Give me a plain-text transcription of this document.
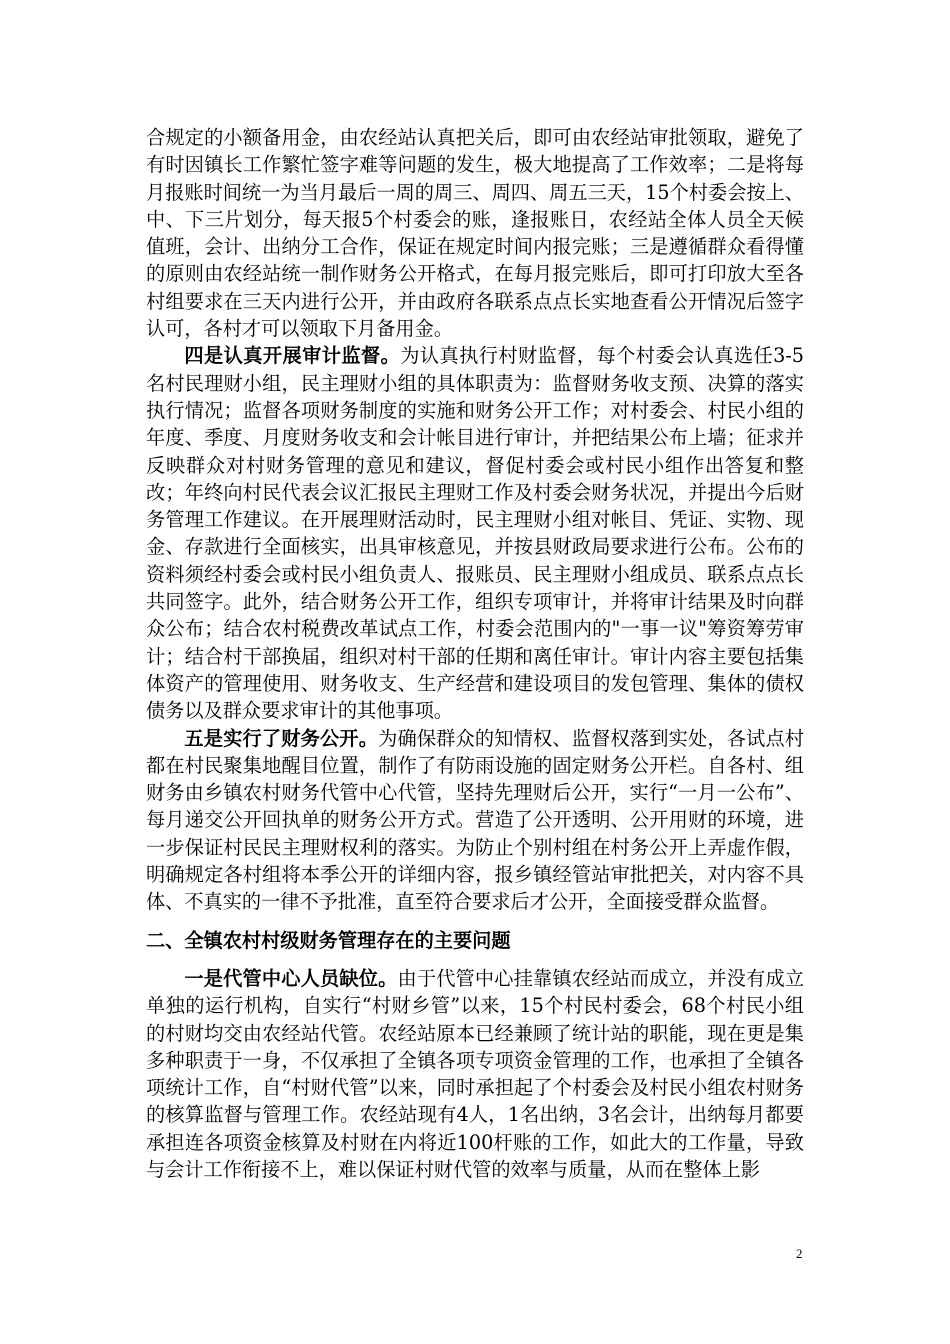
合规定的小额备用金，由农经站认真把关后，即可由农经站审批领取，避免了有时因镇长工作繁忙签字难等问题的发生，极大地提高了工作效率；二是将每月报账时间统一为当月最后一周的周三、周四、周五三天，15个村委会按上、中、下三片划分，每天报5个村委会的账，逢报账日，农经站全体人员全天候值班，会计、出纳分工合作，保证在规定时间内报完账；三是遵循群众看得懂的原则由农经站统一制作财务公开格式，在每月报完账后，即可打印放大至各村组要求在三天内进行公开，并由政府各联系点点长实地查看公开情况后签字认可，各村才可以领取下月备用金。

四是认真开展审计监督。为认真执行村财监督，每个村委会认真选任3-5名村民理财小组，民主理财小组的具体职责为：监督财务收支预、决算的落实执行情况；监督各项财务制度的实施和财务公开工作；对村委会、村民小组的年度、季度、月度财务收支和会计帐目进行审计，并把结果公布上墙；征求并反映群众对村财务管理的意见和建议，督促村委会或村民小组作出答复和整改；年终向村民代表会议汇报民主理财工作及村委会财务状况，并提出今后财务管理工作建议。在开展理财活动时，民主理财小组对帐目、凭证、实物、现金、存款进行全面核实，出具审核意见，并按县财政局要求进行公布。公布的资料须经村委会或村民小组负责人、报账员、民主理财小组成员、联系点点长共同签字。此外，结合财务公开工作，组织专项审计，并将审计结果及时向群众公布；结合农村税费改革试点工作，村委会范围内的"一事一议"筹资筹劳审计；结合村干部换届，组织对村干部的任期和离任审计。审计内容主要包括集体资产的管理使用、财务收支、生产经营和建设项目的发包管理、集体的债权债务以及群众要求审计的其他事项。

五是实行了财务公开。为确保群众的知情权、监督权落到实处，各试点村都在村民聚集地醒目位置，制作了有防雨设施的固定财务公开栏。自各村、组财务由乡镇农村财务代管中心代管，坚持先理财后公开，实行“一月一公布”、每月递交公开回执单的财务公开方式。营造了公开透明、公开用财的环境，进一步保证村民民主理财权利的落实。为防止个别村组在村务公开上弄虚作假，明确规定各村组将本季公开的详细内容，报乡镇经管站审批把关，对内容不具体、不真实的一律不予批准，直至符合要求后才公开，全面接受群众监督。

二、全镇农村村级财务管理存在的主要问题

一是代管中心人员缺位。由于代管中心挂靠镇农经站而成立，并没有成立单独的运行机构，自实行“村财乡管”以来，15个村民村委会，68个村民小组的村财均交由农经站代管。农经站原本已经兼顾了统计站的职能，现在更是集多种职责于一身，不仅承担了全镇各项专项资金管理的工作，也承担了全镇各项统计工作，自“村财代管”以来，同时承担起了个村委会及村民小组农村财务的核算监督与管理工作。农经站现有4人，1名出纳，3名会计，出纳每月都要承担连各项资金核算及村财在内将近100杆账的工作，如此大的工作量，导致与会计工作衔接不上，难以保证村财代管的效率与质量，从而在整体上影

2
